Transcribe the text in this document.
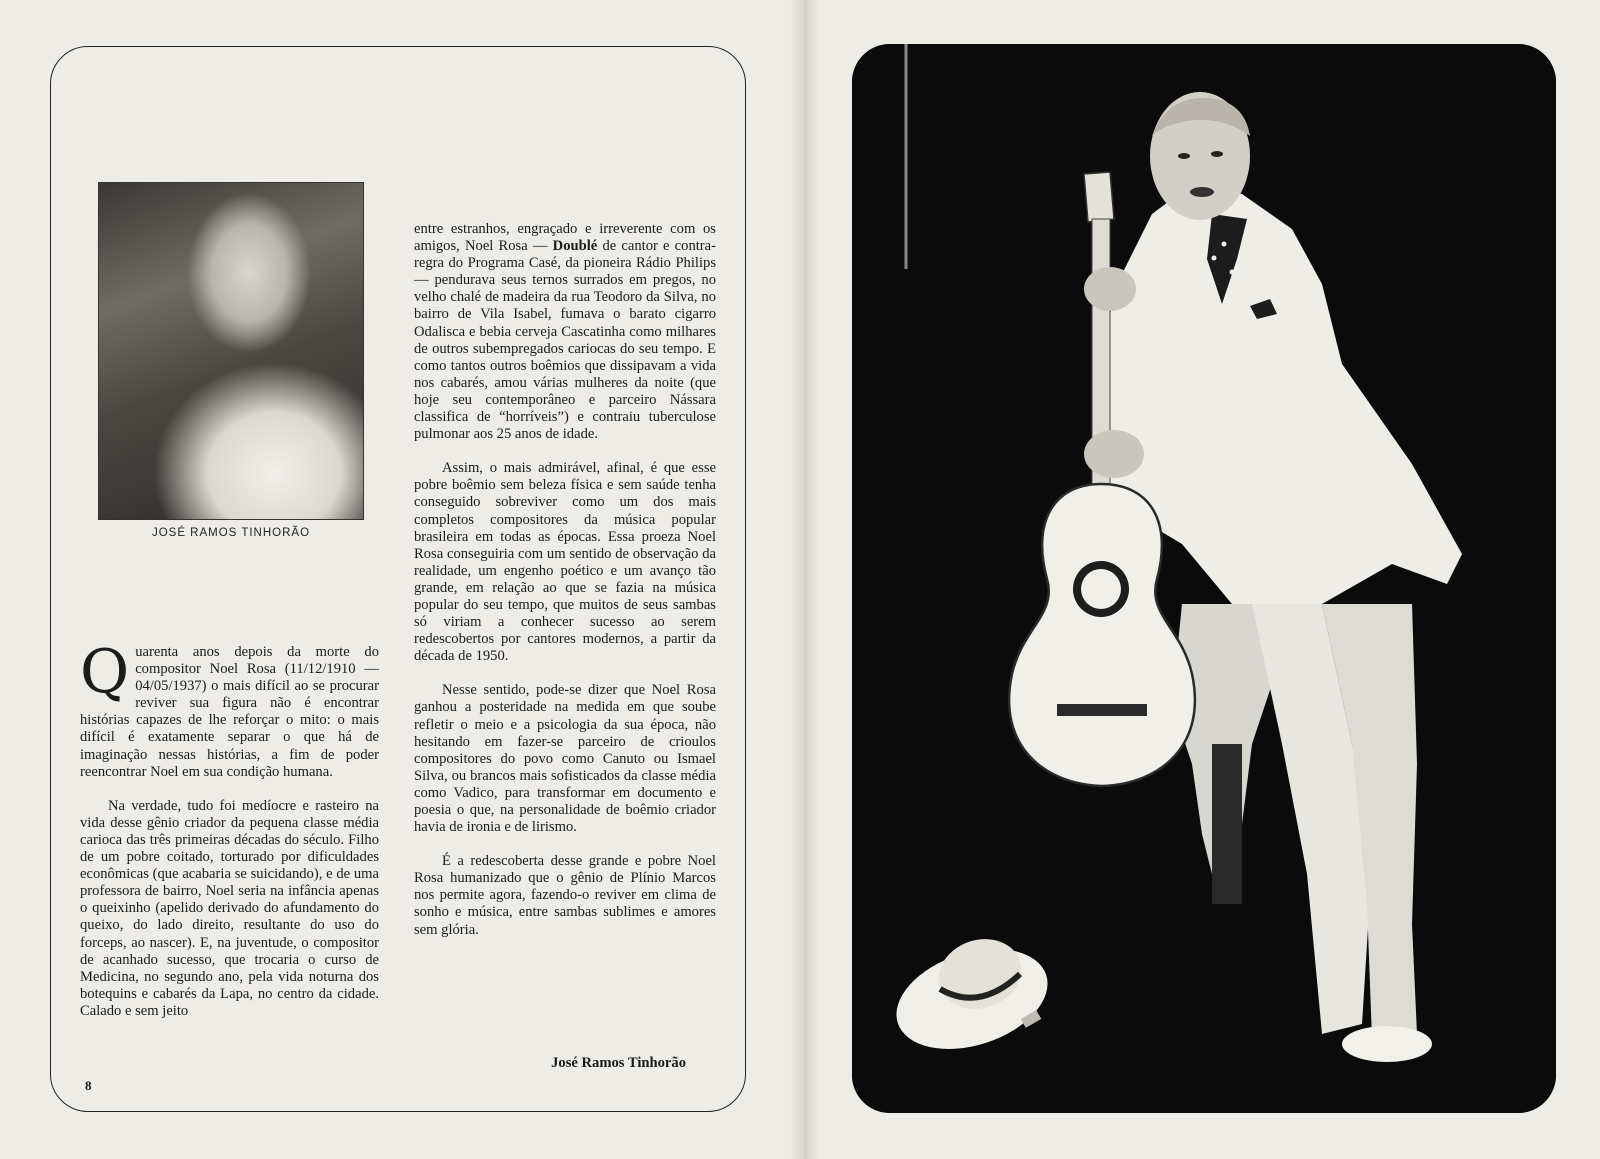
JOSÉ RAMOS TINHORÃO

Quarenta anos depois da morte do compositor Noel Rosa (11/12/1910 — 04/05/1937) o mais difícil ao se procurar reviver sua figura não é encontrar histórias capazes de lhe reforçar o mito: o mais difícil é exatamente separar o que há de imaginação nessas histórias, a fim de poder reencontrar Noel em sua condição humana.

Na verdade, tudo foi medíocre e rasteiro na vida desse gênio criador da pequena classe média carioca das três primeiras décadas do século. Filho de um pobre coitado, torturado por dificuldades econômicas (que acabaria se suicidando), e de uma professora de bairro, Noel seria na infância apenas o queixinho (apelido derivado do afundamento do queixo, do lado direito, resultante do uso do forceps, ao nascer). E, na juventude, o compositor de acanhado sucesso, que trocaria o curso de Medicina, no segundo ano, pela vida noturna dos botequins e cabarés da Lapa, no centro da cidade. Calado e sem jeito

entre estranhos, engraçado e irreverente com os amigos, Noel Rosa — Doublé de cantor e contra-regra do Programa Casé, da pioneira Rádio Philips — pendurava seus ternos surrados em pregos, no velho chalé de madeira da rua Teodoro da Silva, no bairro de Vila Isabel, fumava o barato cigarro Odalisca e bebia cerveja Cascatinha como milhares de outros subempregados cariocas do seu tempo. E como tantos outros boêmios que dissipavam a vida nos cabarés, amou várias mulheres da noite (que hoje seu contemporâneo e parceiro Nássara classifica de “horríveis”) e contraiu tuberculose pulmonar aos 25 anos de idade.

Assim, o mais admirável, afinal, é que esse pobre boêmio sem beleza física e sem saúde tenha conseguido sobreviver como um dos mais completos compositores da música popular brasileira em todas as épocas. Essa proeza Noel Rosa conseguiria com um sentido de observação da realidade, um engenho poético e um avanço tão grande, em relação ao que se fazia na música popular do seu tempo, que muitos de seus sambas só viriam a conhecer sucesso ao serem redescobertos por cantores modernos, a partir da década de 1950.

Nesse sentido, pode-se dizer que Noel Rosa ganhou a posteridade na medida em que soube refletir o meio e a psicologia da sua época, não hesitando em fazer-se parceiro de crioulos compositores do povo como Canuto ou Ismael Silva, ou brancos mais sofisticados da classe média como Vadico, para transformar em documento e poesia o que, na personalidade de boêmio criador havia de ironia e de lirismo.

É a redescoberta desse grande e pobre Noel Rosa humanizado que o gênio de Plínio Marcos nos permite agora, fazendo-o reviver em clima de sonho e música, entre sambas sublimes e amores sem glória.

José Ramos Tinhorão
8
